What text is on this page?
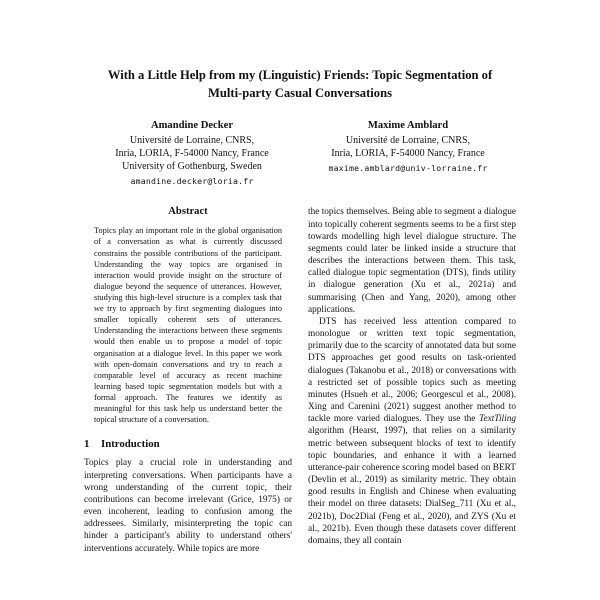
With a Little Help from my (Linguistic) Friends: Topic Segmentation of Multi-party Casual Conversations
Amandine Decker
Université de Lorraine, CNRS,
Inria, LORIA, F-54000 Nancy, France
University of Gothenburg, Sweden
amandine.decker@loria.fr
Maxime Amblard
Université de Lorraine, CNRS,
Inria, LORIA, F-54000 Nancy, France
maxime.amblard@univ-lorraine.fr
Abstract

Topics play an important role in the global organisation of a conversation as what is currently discussed constrains the possible contributions of the participant. Understanding the way topics are organised in interaction would provide insight on the structure of dialogue beyond the sequence of utterances. However, studying this high-level structure is a complex task that we try to approach by first segmenting dialogues into smaller topically coherent sets of utterances. Understanding the interactions between these segments would then enable us to propose a model of topic organisation at a dialogue level. In this paper we work with open-domain conversations and try to reach a comparable level of accuracy as recent machine learning based topic segmentation models but with a formal approach. The features we identify as meaningful for this task help us understand better the topical structure of a conversation.

1 Introduction

Topics play a crucial role in understanding and interpreting conversations. When participants have a wrong understanding of the current topic, their contributions can become irrelevant (Grice, 1975) or even incoherent, leading to confusion among the addressees. Similarly, misinterpreting the topic can hinder a participant's ability to understand others' interventions accurately. While topics are more

the topics themselves. Being able to segment a dialogue into topically coherent segments seems to be a first step towards modelling high level dialogue structure. The segments could later be linked inside a structure that describes the interactions between them. This task, called dialogue topic segmentation (DTS), finds utility in dialogue generation (Xu et al., 2021a) and summarising (Chen and Yang, 2020), among other applications.

DTS has received less attention compared to monologue or written text topic segmentation, primarily due to the scarcity of annotated data but some DTS approaches get good results on task-oriented dialogues (Takanobu et al., 2018) or conversations with a restricted set of possible topics such as meeting minutes (Hsueh et al., 2006; Georgescul et al., 2008). Xing and Carenini (2021) suggest another method to tackle more varied dialogues. They use the TextTiling algorithm (Hearst, 1997), that relies on a similarity metric between subsequent blocks of text to identify topic boundaries, and enhance it with a learned utterance-pair coherence scoring model based on BERT (Devlin et al., 2019) as similarity metric. They obtain good results in English and Chinese when evaluating their model on three datasets: DialSeg_711 (Xu et al., 2021b), Doc2Dial (Feng et al., 2020), and ZYS (Xu et al., 2021b). Even though these datasets cover different domains, they all contain
